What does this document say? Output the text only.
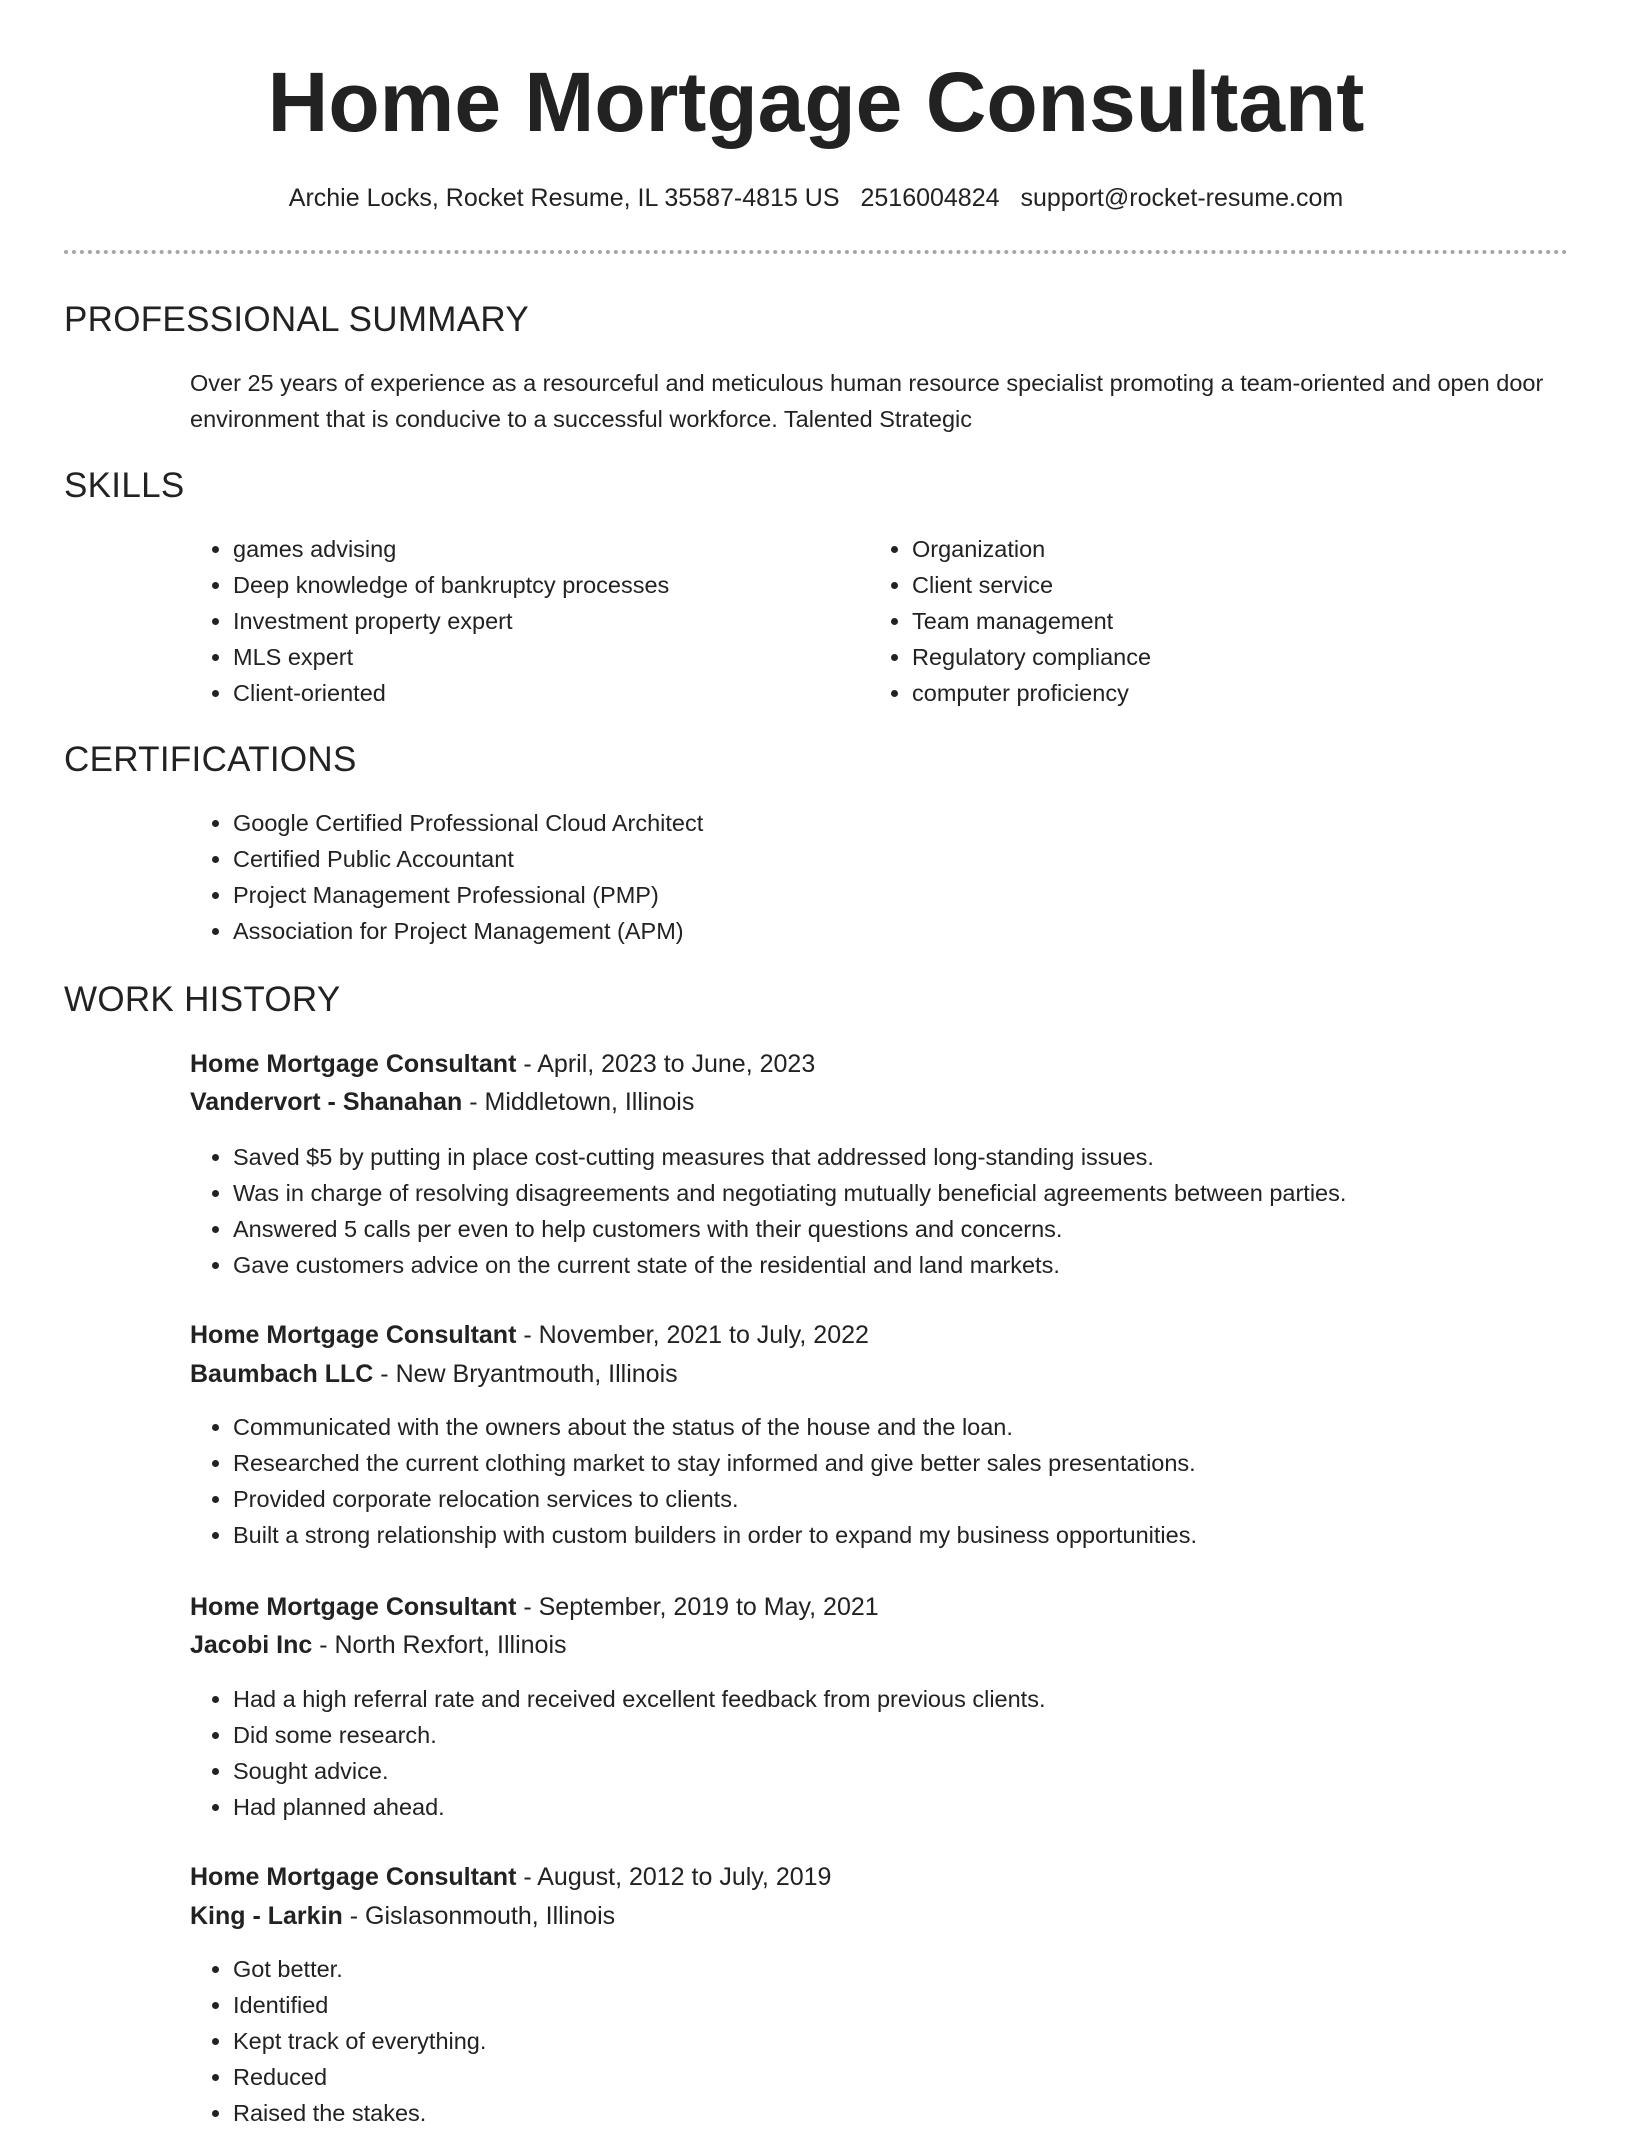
Home Mortgage Consultant
Archie Locks, Rocket Resume, IL 35587-4815 US 2516004824 support@rocket-resume.com
PROFESSIONAL SUMMARY

Over 25 years of experience as a resourceful and meticulous human resource specialist promoting a team-oriented and open door environment that is conducive to a successful workforce. Talented Strategic

SKILLS
• games advising
• Deep knowledge of bankruptcy processes
• Investment property expert
• MLS expert
• Client-oriented
• Organization
• Client service
• Team management
• Regulatory compliance
• computer proficiency
CERTIFICATIONS
• Google Certified Professional Cloud Architect
• Certified Public Accountant
• Project Management Professional (PMP)
• Association for Project Management (APM)
WORK HISTORY
Home Mortgage Consultant - April, 2023 to June, 2023
Vandervort - Shanahan - Middletown, Illinois
• Saved $5 by putting in place cost-cutting measures that addressed long-standing issues.
• Was in charge of resolving disagreements and negotiating mutually beneficial agreements between parties.
• Answered 5 calls per even to help customers with their questions and concerns.
• Gave customers advice on the current state of the residential and land markets.
Home Mortgage Consultant - November, 2021 to July, 2022
Baumbach LLC - New Bryantmouth, Illinois
• Communicated with the owners about the status of the house and the loan.
• Researched the current clothing market to stay informed and give better sales presentations.
• Provided corporate relocation services to clients.
• Built a strong relationship with custom builders in order to expand my business opportunities.
Home Mortgage Consultant - September, 2019 to May, 2021
Jacobi Inc - North Rexfort, Illinois
• Had a high referral rate and received excellent feedback from previous clients.
• Did some research.
• Sought advice.
• Had planned ahead.
Home Mortgage Consultant - August, 2012 to July, 2019
King - Larkin - Gislasonmouth, Illinois
• Got better.
• Identified
• Kept track of everything.
• Reduced
• Raised the stakes.
